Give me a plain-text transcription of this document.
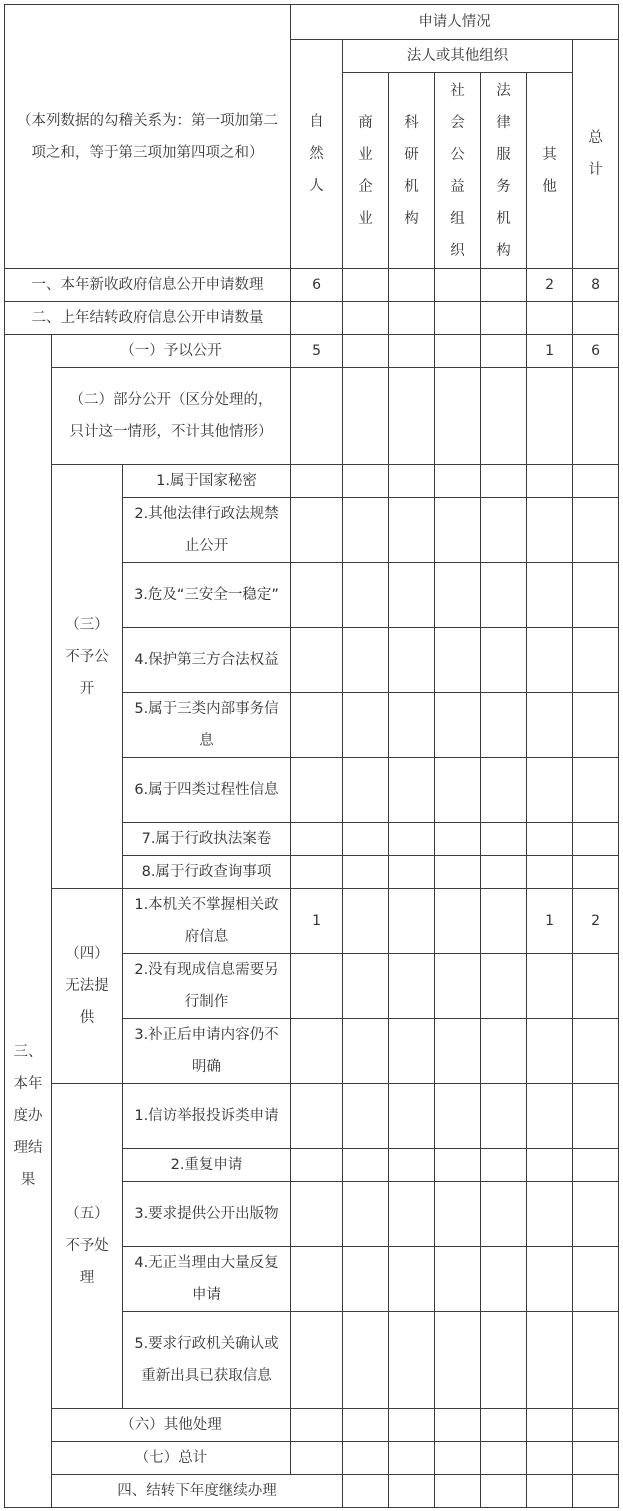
（本列数据的勾稽关系为：第一项加第二项之和，等于第三项加第四项之和）			申请人情况							

			自然人	法人或其他组织					总计	

				商业企业	科研机构	社会公益组织	法律服务机构	其他		

一、本年新收政府信息公开申请数理			6					2	8	
二、上年结转政府信息公开申请数量										

三、本年度办理结果	（一）予以公开		5					1	6	

	（二）部分公开（区分处理的，只计这一情形，不计其他情形）									

	（三）不予公开	1.属于国家秘密								

		2.其他法律行政法规禁止公开								

		3.危及“三安全一稳定”								

		4.保护第三方合法权益								

		5.属于三类内部事务信息								

		6.属于四类过程性信息								

		7.属于行政执法案卷								
		8.属于行政查询事项								

	（四）无法提供	1.本机关不掌握相关政府信息	1					1	2	

		2.没有现成信息需要另行制作								

		3.补正后申请内容仍不明确								

	（五）不予处理	1.信访举报投诉类申请								

		2.重复申请								

		3.要求提供公开出版物								

		4.无正当理由大量反复申请								

		5.要求行政机关确认或重新出具已获取信息								

	（六）其他处理									
	（七）总计									
	四、结转下年度继续办理									
